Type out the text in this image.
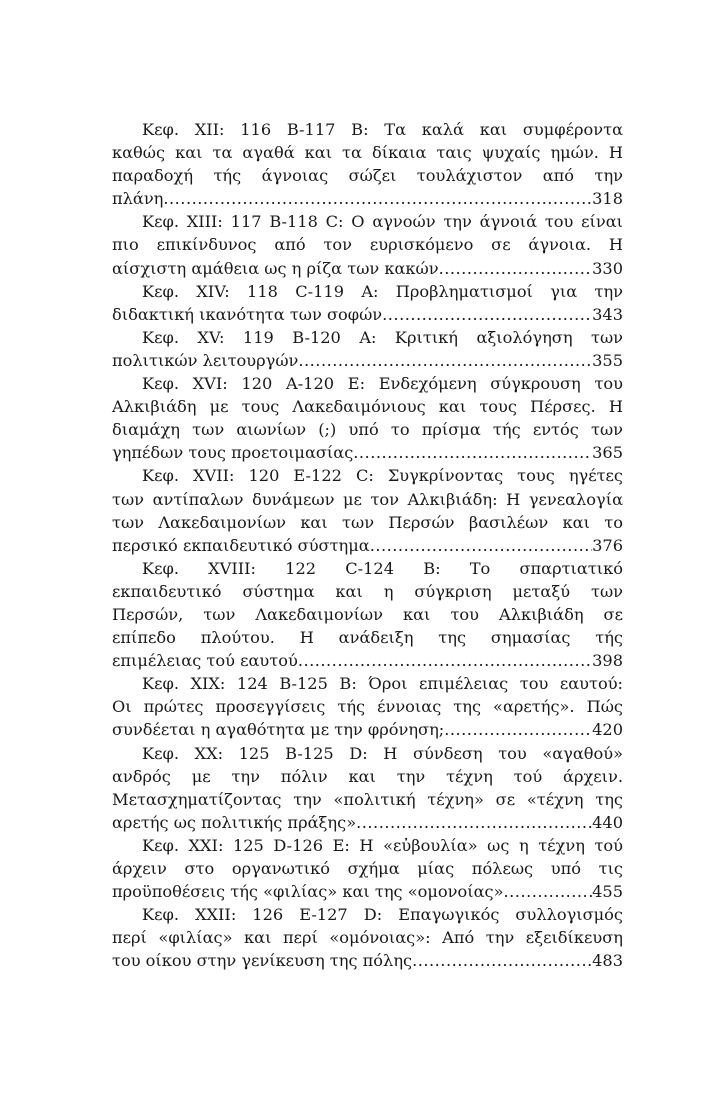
Κεφ. XII: 116 B-117 B: Τα καλά και συμφέροντα
καθώς και τα αγαθά και τα δίκαια ταις ψυχαίς ημών. Η
παραδοχή τής άγνοιας σώζει τουλάχιστον από την
πλάνη .....	318
Κεφ. XIII: 117 B-118 C: Ο αγνοών την άγνοιά του είναι
πιο επικίνδυνος από τον ευρισκόμενο σε άγνοια. Η
αίσχιστη αμάθεια ως η ρίζα των κακών .....	330
Κεφ. XIV: 118 C-119 A: Προβληματισμοί για την
διδακτική ικανότητα των σοφών .....	343
Κεφ. XV: 119 B-120 A: Κριτική αξιολόγηση των
πολιτικών λειτουργών .....	355
Κεφ. XVI: 120 A-120 E: Ενδεχόμενη σύγκρουση του
Αλκιβιάδη με τους Λακεδαιμόνιους και τους Πέρσες. Η
διαμάχη των αιωνίων (;) υπό το πρίσμα τής εντός των
γηπέδων τους προετοιμασίας .....	365
Κεφ. XVII: 120 E-122 C: Συγκρίνοντας τους ηγέτες
των αντίπαλων δυνάμεων με τον Αλκιβιάδη: Η γενεαλογία
των Λακεδαιμονίων και των Περσών βασιλέων και το
περσικό εκπαιδευτικό σύστημα .....	376
Κεφ. XVIII: 122 C-124 B: Το σπαρτιατικό
εκπαιδευτικό σύστημα και η σύγκριση μεταξύ των
Περσών, των Λακεδαιμονίων και του Αλκιβιάδη σε
επίπεδο πλούτου. Η ανάδειξη της σημασίας τής
επιμέλειας τού εαυτού .....	398
Κεφ. XIX: 124 B-125 B: Όροι επιμέλειας του εαυτού:
Οι πρώτες προσεγγίσεις τής έννοιας της «αρετής». Πώς
συνδέεται η αγαθότητα με την φρόνηση; .....	420
Κεφ. XX: 125 B-125 D: Η σύνδεση του «αγαθού»
ανδρός με την πόλιν και την τέχνη τού άρχειν.
Μετασχηματίζοντας την «πολιτική τέχνη» σε «τέχνη της
αρετής ως πολιτικής πράξης» .....	440
Κεφ. XXI: 125 D-126 E: Η «εὐβουλία» ως η τέχνη τού
άρχειν στο οργανωτικό σχήμα μίας πόλεως υπό τις
προϋποθέσεις τής «φιλίας» και της «ομονοίας» .....	455
Κεφ. XXII: 126 E-127 D: Επαγωγικός συλλογισμός
περί «φιλίας» και περί «ομόνοιας»: Από την εξειδίκευση
του οίκου στην γενίκευση της πόλης .....	483
